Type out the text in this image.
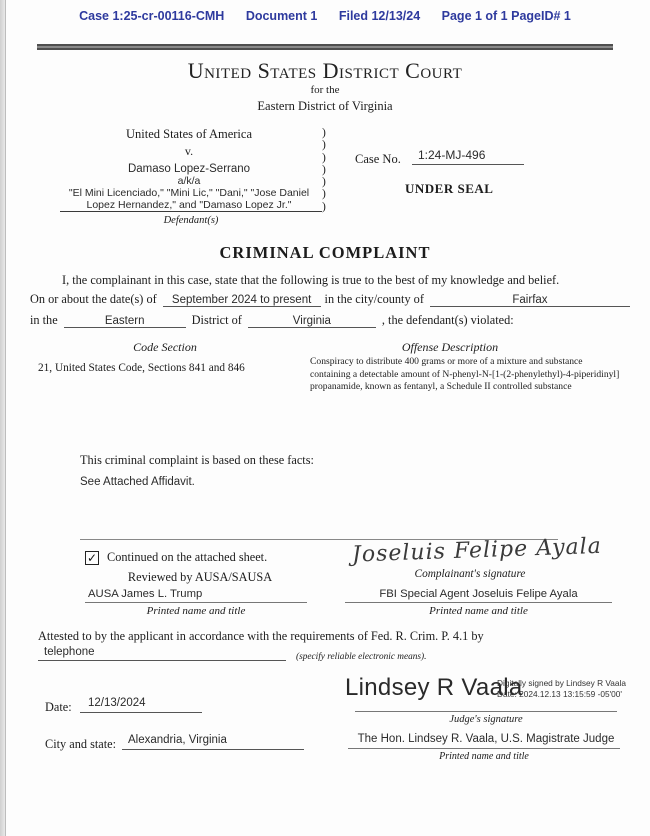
Case 1:25-cr-00116-CMH Document 1 Filed 12/13/24 Page 1 of 1 PageID# 1
United States District Court
for the
Eastern District of Virginia
United States of America
v.
Damaso Lopez-Serrano
a/k/a
"El Mini Licenciado," "Mini Lic," "Dani," "Jose Daniel
Lopez Hernandez," and "Damaso Lopez Jr."
Defendant(s)
)
)
)
)
)
)
)
Case No. 1:24-MJ-496
UNDER SEAL
CRIMINAL COMPLAINT
I, the complainant in this case, state that the following is true to the best of my knowledge and belief.
On or about the date(s) of	September 2024 to present	in the city/county of	Fairfax
in the	Eastern	District of	Virginia	, the defendant(s) violated:
Code Section	Offense Description
21, United States Code, Sections 841 and 846
Conspiracy to distribute 400 grams or more of a mixture and substance
containing a detectable amount of N-phenyl-N-[1-(2-phenylethyl)-4-piperidinyl]
propanamide, known as fentanyl, a Schedule II controlled substance
This criminal complaint is based on these facts:
See Attached Affidavit.
✓ Continued on the attached sheet.
Reviewed by AUSA/SAUSA
Joseluis Felipe Ayala
Complainant's signature
AUSA James L. Trump
Printed name and title
FBI Special Agent Joseluis Felipe Ayala
Printed name and title
Attested to by the applicant in accordance with the requirements of Fed. R. Crim. P. 4.1 by
telephone	(specify reliable electronic means).
Lindsey R Vaala
Digitally signed by Lindsey R Vaala
Date: 2024.12.13 13:15:59 -05'00'
Date: 12/13/2024
Judge's signature
City and state: Alexandria, Virginia	The Hon. Lindsey R. Vaala, U.S. Magistrate Judge
Printed name and title
